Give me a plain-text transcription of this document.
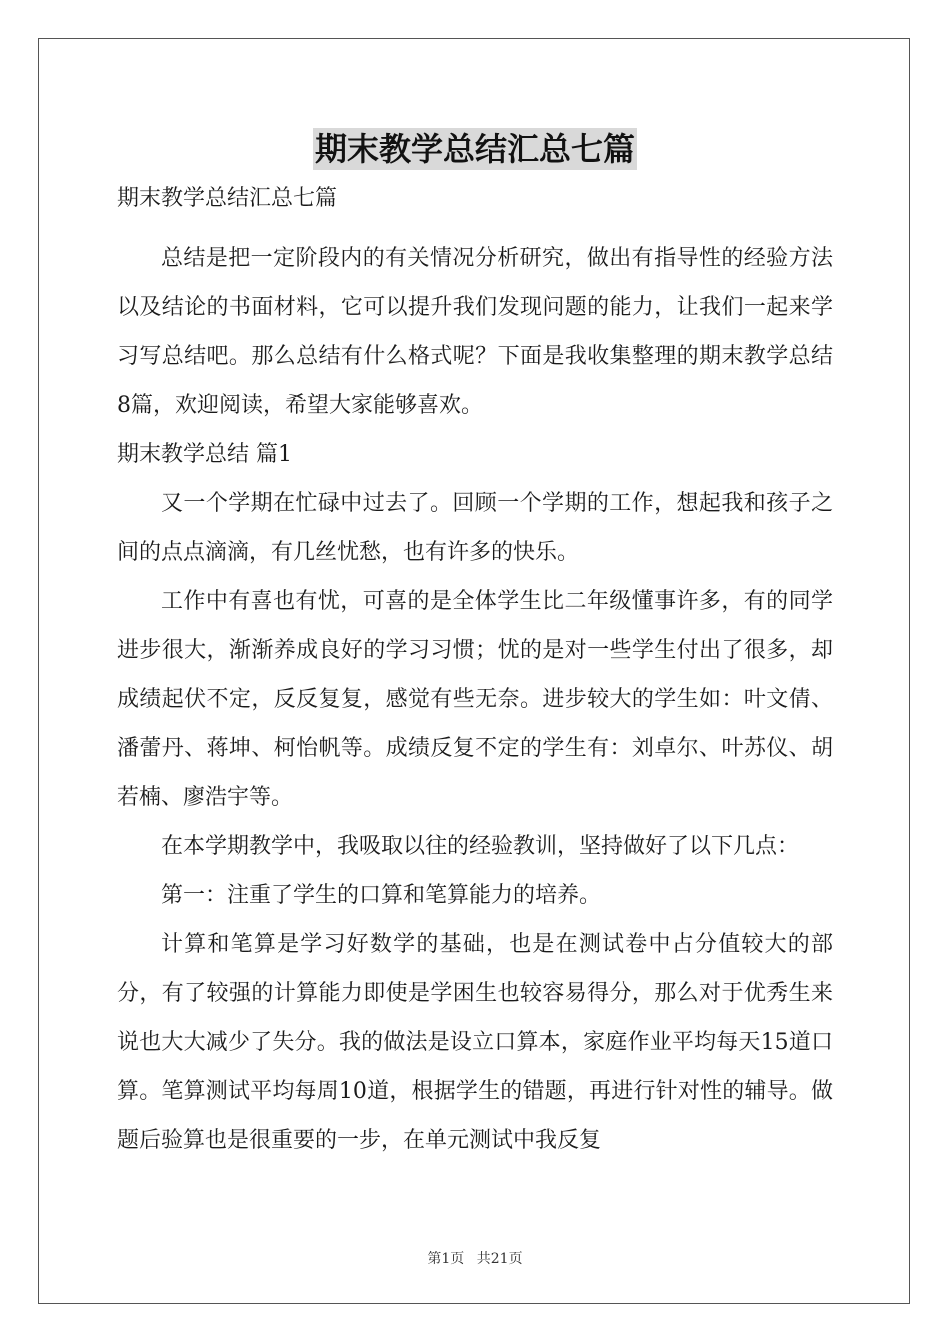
期末教学总结汇总七篇

期末教学总结汇总七篇

总结是把一定阶段内的有关情况分析研究，做出有指导性的经验方法以及结论的书面材料，它可以提升我们发现问题的能力，让我们一起来学习写总结吧。那么总结有什么格式呢？下面是我收集整理的期末教学总结8篇，欢迎阅读，希望大家能够喜欢。

期末教学总结 篇1

又一个学期在忙碌中过去了。回顾一个学期的工作，想起我和孩子之间的点点滴滴，有几丝忧愁，也有许多的快乐。

工作中有喜也有忧，可喜的是全体学生比二年级懂事许多，有的同学进步很大，渐渐养成良好的学习习惯；忧的是对一些学生付出了很多，却成绩起伏不定，反反复复，感觉有些无奈。进步较大的学生如：叶文倩、潘蕾丹、蒋坤、柯怡帆等。成绩反复不定的学生有：刘卓尔、叶苏仪、胡若楠、廖浩宇等。

在本学期教学中，我吸取以往的经验教训，坚持做好了以下几点：

第一：注重了学生的口算和笔算能力的培养。

计算和笔算是学习好数学的基础，也是在测试卷中占分值较大的部分，有了较强的计算能力即使是学困生也较容易得分，那么对于优秀生来说也大大减少了失分。我的做法是设立口算本，家庭作业平均每天15道口算。笔算测试平均每周10道，根据学生的错题，再进行针对性的辅导。做题后验算也是很重要的一步，在单元测试中我反复

第1页 共21页
